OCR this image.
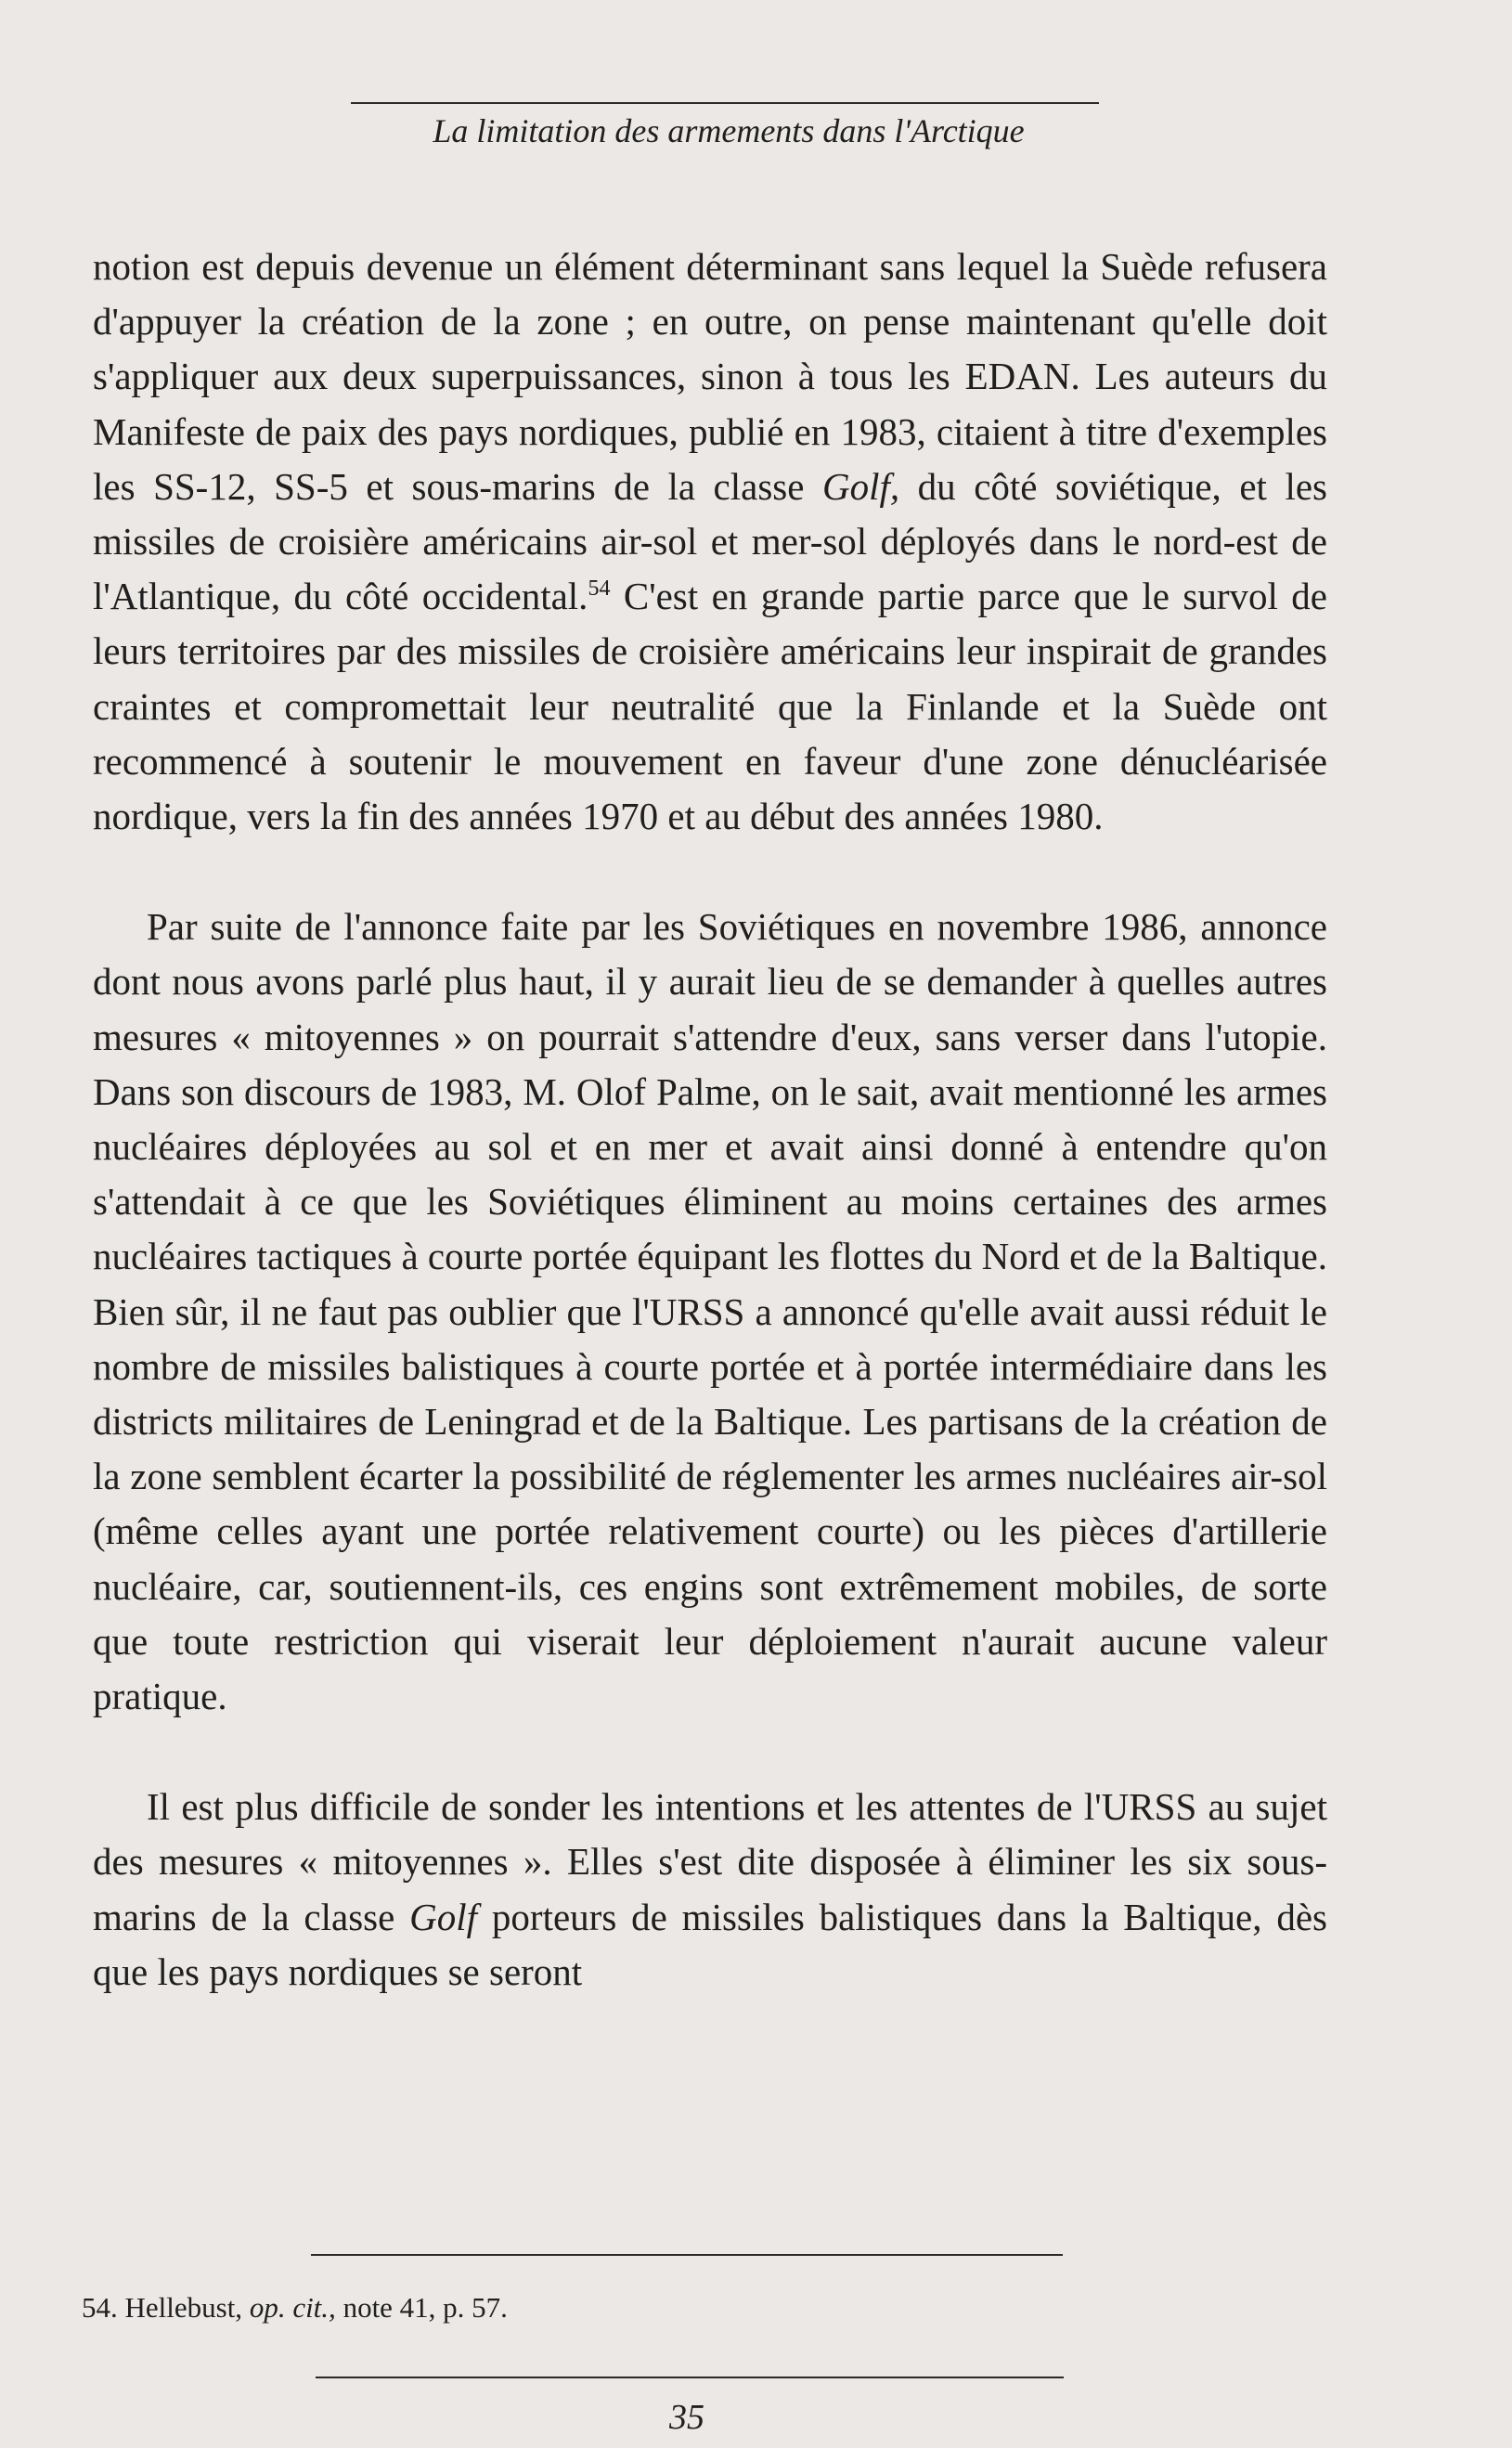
La limitation des armements dans l'Arctique

notion est depuis devenue un élément déterminant sans lequel la Suède refusera d'appuyer la création de la zone ; en outre, on pense maintenant qu'elle doit s'appliquer aux deux superpuissances, sinon à tous les EDAN. Les auteurs du Manifeste de paix des pays nordiques, publié en 1983, citaient à titre d'exemples les SS-12, SS-5 et sous-marins de la classe Golf, du côté soviétique, et les missiles de croisière américains air-sol et mer-sol déployés dans le nord-est de l'Atlantique, du côté occidental.$^{54}$ C'est en grande partie parce que le survol de leurs territoires par des missiles de croisière américains leur inspirait de grandes craintes et compromettait leur neutralité que la Finlande et la Suède ont recommencé à soutenir le mouvement en faveur d'une zone dénucléarisée nordique, vers la fin des années 1970 et au début des années 1980.

Par suite de l'annonce faite par les Soviétiques en novembre 1986, annonce dont nous avons parlé plus haut, il y aurait lieu de se demander à quelles autres mesures « mitoyennes » on pourrait s'attendre d'eux, sans verser dans l'utopie. Dans son discours de 1983, M. Olof Palme, on le sait, avait mentionné les armes nucléaires déployées au sol et en mer et avait ainsi donné à entendre qu'on s'attendait à ce que les Soviétiques éliminent au moins certaines des armes nucléaires tactiques à courte portée équipant les flottes du Nord et de la Baltique. Bien sûr, il ne faut pas oublier que l'URSS a annoncé qu'elle avait aussi réduit le nombre de missiles balistiques à courte portée et à portée intermédiaire dans les districts militaires de Leningrad et de la Baltique. Les partisans de la création de la zone semblent écarter la possibilité de réglementer les armes nucléaires air-sol (même celles ayant une portée relativement courte) ou les pièces d'artillerie nucléaire, car, soutiennent-ils, ces engins sont extrêmement mobiles, de sorte que toute restriction qui viserait leur déploiement n'aurait aucune valeur pratique.

Il est plus difficile de sonder les intentions et les attentes de l'URSS au sujet des mesures « mitoyennes ». Elles s'est dite disposée à éliminer les six sous-marins de la classe Golf porteurs de missiles balistiques dans la Baltique, dès que les pays nordiques se seront

54. Hellebust, op. cit., note 41, p. 57.
35
